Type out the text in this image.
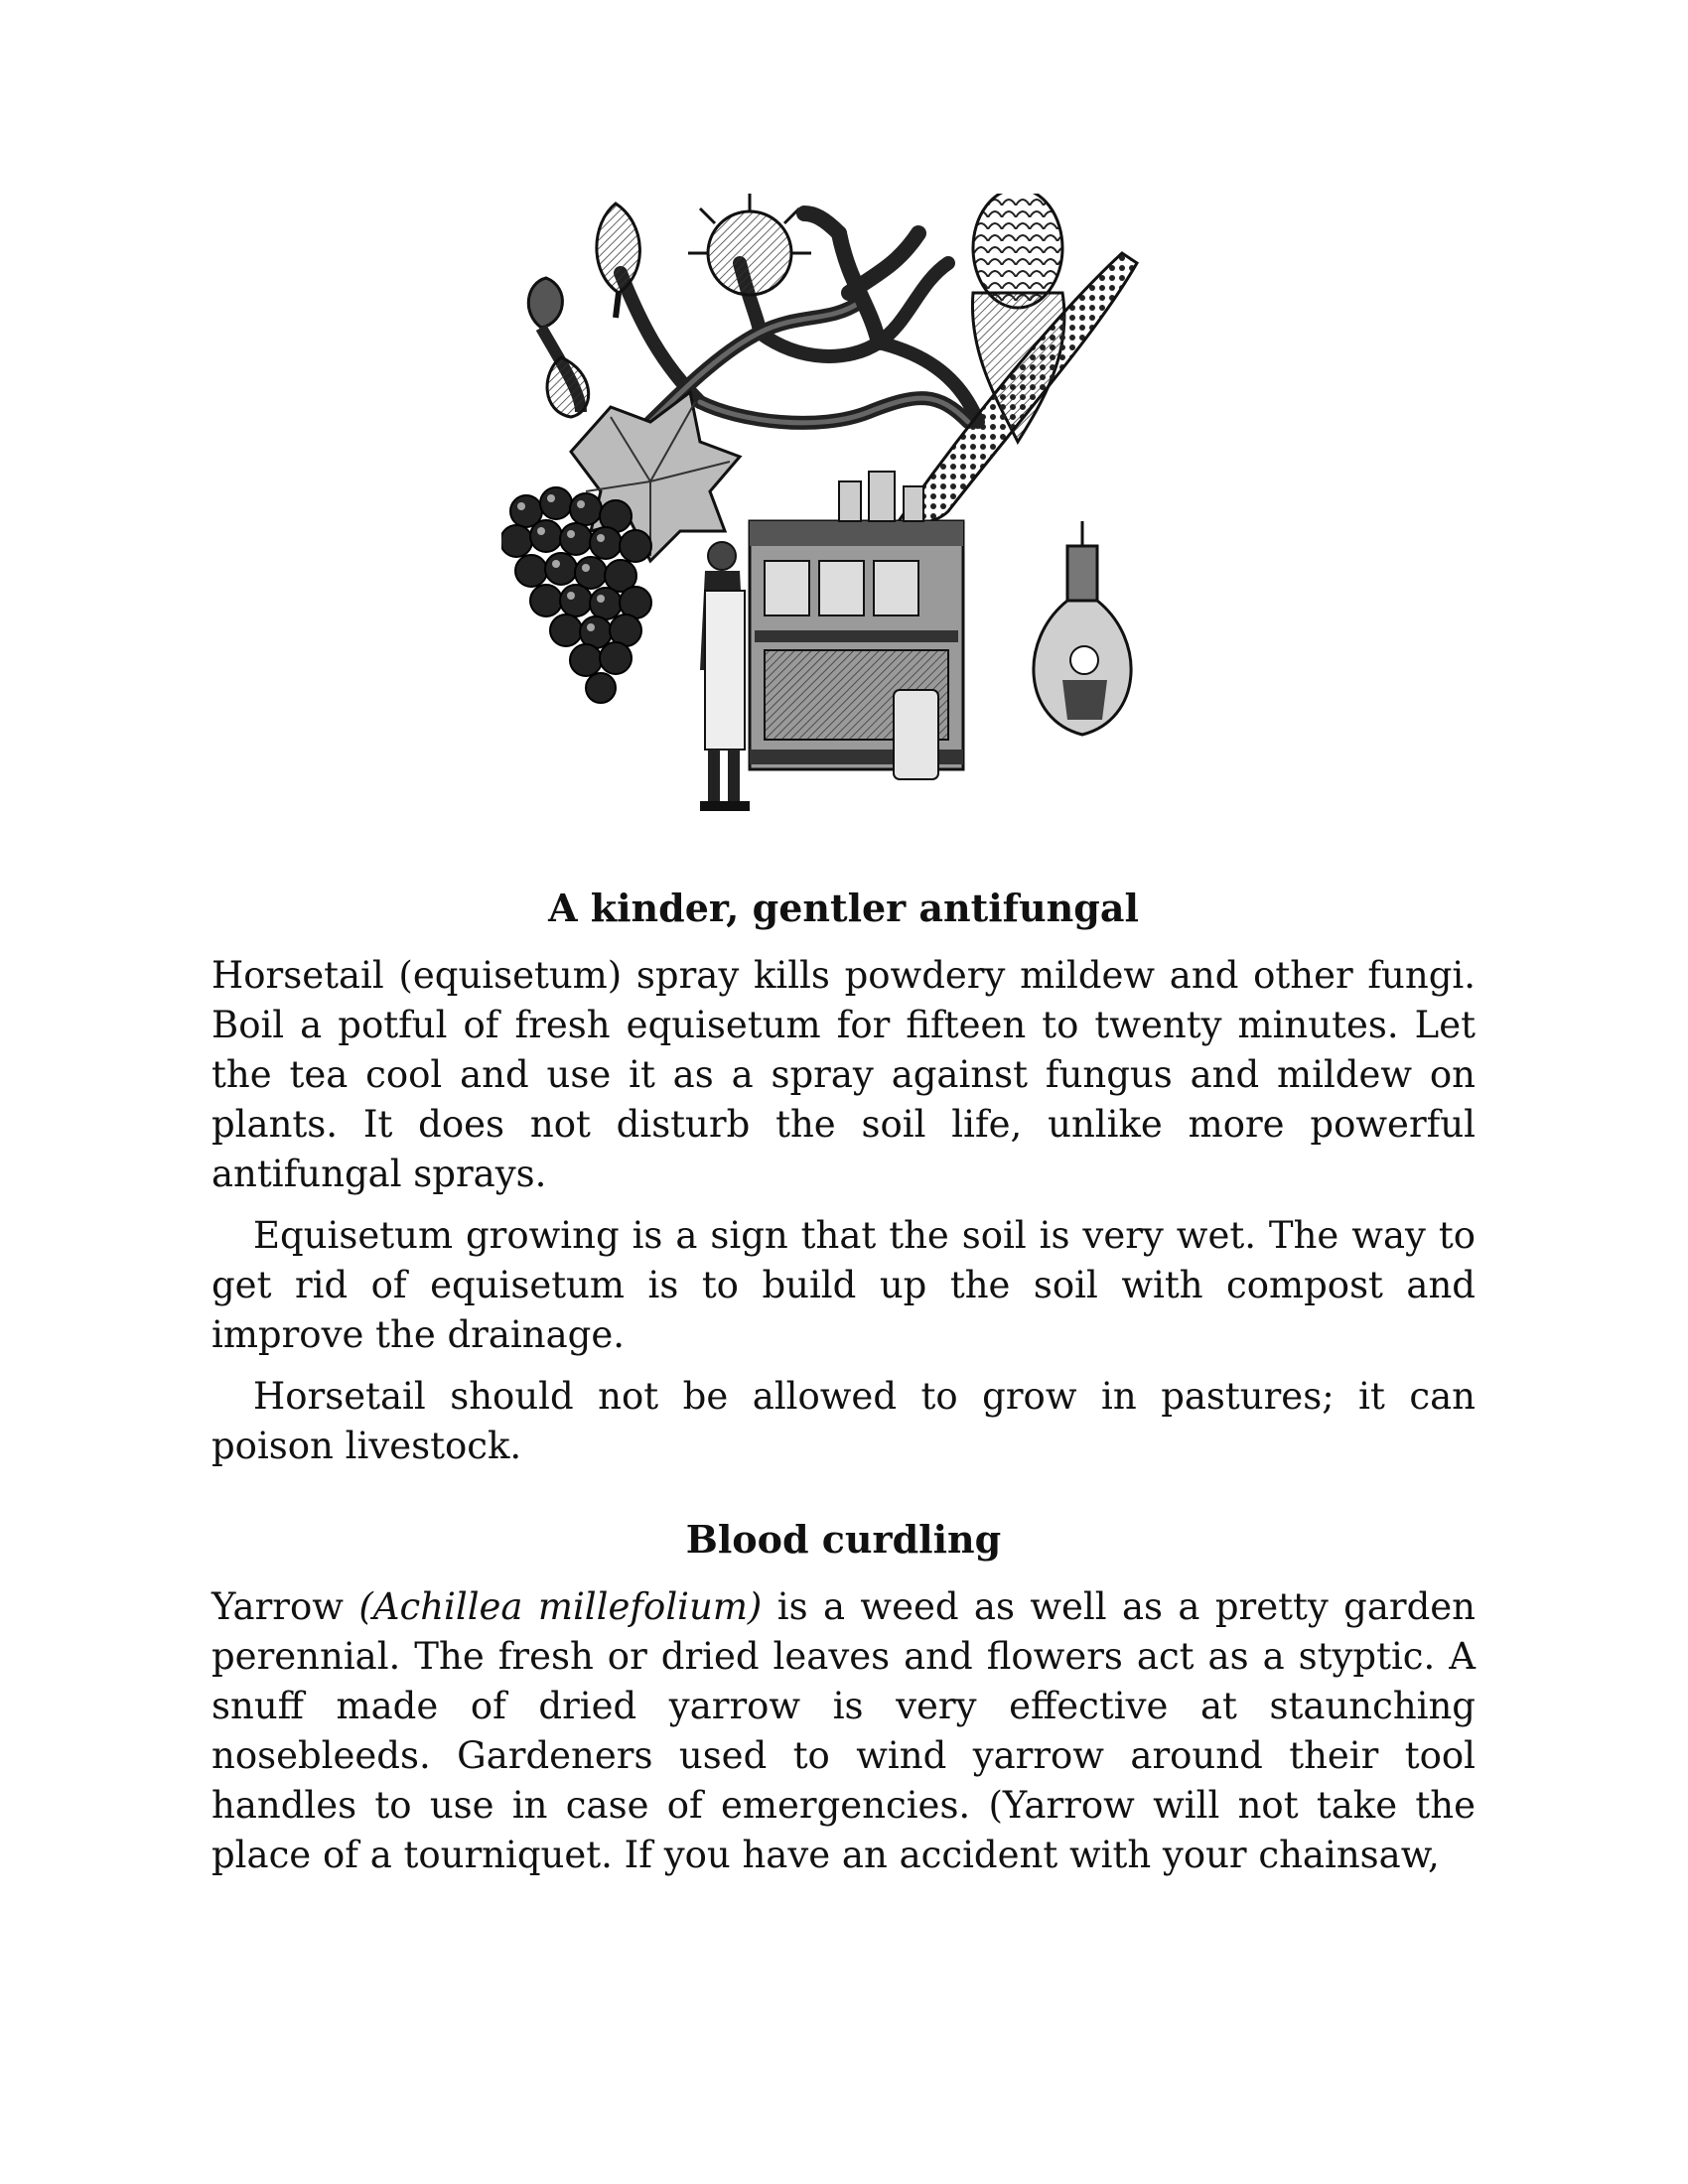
A kinder, gentler antifungal

Horsetail (equisetum) spray kills powdery mildew and other fungi. Boil a potful of fresh equisetum for fifteen to twenty minutes. Let the tea cool and use it as a spray against fungus and mildew on plants. It does not disturb the soil life, unlike more powerful antifungal sprays.

Equisetum growing is a sign that the soil is very wet. The way to get rid of equisetum is to build up the soil with compost and improve the drainage.

Horsetail should not be allowed to grow in pastures; it can poison livestock.

Blood curdling

Yarrow (Achillea millefolium) is a weed as well as a pretty garden perennial. The fresh or dried leaves and flowers act as a styptic. A snuff made of dried yarrow is very effective at staunching nosebleeds. Gardeners used to wind yarrow around their tool handles to use in case of emergencies. (Yarrow will not take the place of a tourniquet. If you have an accident with your chainsaw,
